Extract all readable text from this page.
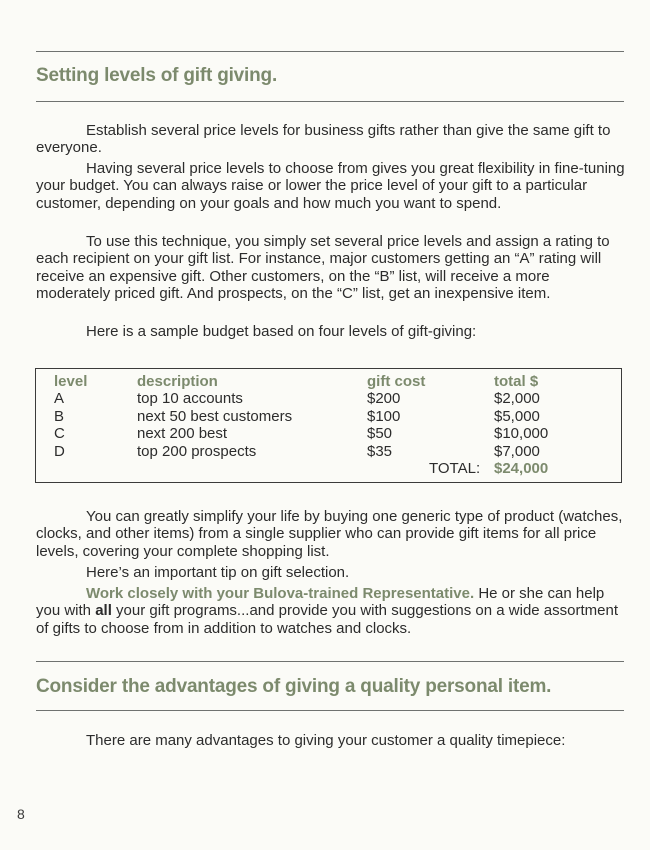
Setting levels of gift giving.

Establish several price levels for business gifts rather than give the same gift to everyone.

Having several price levels to choose from gives you great flexibility in fine-tuning your budget. You can always raise or lower the price level of your gift to a particular customer, depending on your goals and how much you want to spend.

To use this technique, you simply set several price levels and assign a rating to each recipient on your gift list. For instance, major customers getting an “A” rating will receive an expensive gift. Other customers, on the “B” list, will receive a more moderately priced gift. And prospects, on the “C” list, get an inexpensive item.

Here is a sample budget based on four levels of gift-giving:

level
A
B
C
D
description
top 10 accounts
next 50 best customers
next 200 best
top 200 prospects
gift cost
$200
$100
$50
$35
total $
$2,000
$5,000
$10,000
$7,000
TOTAL: $24,000

You can greatly simplify your life by buying one generic type of product (watches, clocks, and other items) from a single supplier who can provide gift items for all price levels, covering your complete shopping list.

Here’s an important tip on gift selection.

Work closely with your Bulova-trained Representative. He or she can help you with all your gift programs...and provide you with suggestions on a wide assortment of gifts to choose from in addition to watches and clocks.

Consider the advantages of giving a quality personal item.

There are many advantages to giving your customer a quality timepiece:

8
